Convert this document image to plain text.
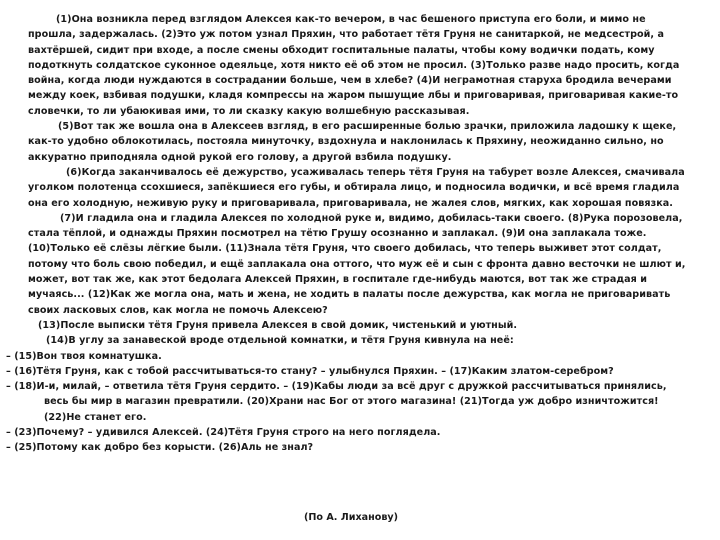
(1)Она возникла перед взглядом Алексея как-то вечером, в час бешеного приступа его боли, и мимо не прошла, задержалась. (2)Это уж потом узнал Пряхин, что работает тётя Груня не санитаркой, не медсестрой, а вахтёршей, сидит при входе, а после смены обходит госпитальные палаты, чтобы кому водички подать, кому подоткнуть солдатское суконное одеяльце, хотя никто её об этом не просил. (3)Только разве надо просить, когда война, когда люди нуждаются в сострадании больше, чем в хлебе? (4)И неграмотная старуха бродила вечерами между коек, взбивая подушки, кладя компрессы на жаром пышущие лбы и приговаривая, приговаривая какие-то словечки, то ли убаюкивая ими, то ли сказку какую волшебную рассказывая.

(5)Вот так же вошла она в Алексеев взгляд, в его расширенные болью зрачки, приложила ладошку к щеке, как-то удобно облокотилась, постояла минуточку, вздохнула и наклонилась к Пряхину, неожиданно сильно, но аккуратно приподняла одной рукой его голову, а другой взбила подушку.

(6)Когда заканчивалось её дежурство, усаживалась теперь тётя Груня на табурет возле Алексея, смачивала уголком полотенца ссохшиеся, запёкшиеся его губы, и обтирала лицо, и подносила водички, и всё время гладила она его холодную, неживую руку и приговаривала, приговаривала, не жалея слов, мягких, как хорошая повязка.

(7)И гладила она и гладила Алексея по холодной руке и, видимо, добилась-таки своего. (8)Рука порозовела, стала тёплой, и однажды Пряхин посмотрел на тётю Грушу осознанно и заплакал. (9)И она заплакала тоже. (10)Только её слёзы лёгкие были. (11)Знала тётя Груня, что своего добилась, что теперь выживет этот солдат, потому что боль свою победил, и ещё заплакала она оттого, что муж её и сын с фронта давно весточки не шлют и, может, вот так же, как этот бедолага Алексей Пряхин, в госпитале где-нибудь маются, вот так же страдая и мучаясь... (12)Как же могла она, мать и жена, не ходить в палаты после дежурства, как могла не приговаривать своих ласковых слов, как могла не помочь Алексею?

(13)После выписки тётя Груня привела Алексея в свой домик, чистенький и уютный.

(14)В углу за занавеской вроде отдельной комнатки, и тётя Груня кивнула на неё:

– (15)Вон твоя комнатушка.

– (16)Тётя Груня, как с тобой рассчитываться-то стану? – улыбнулся Пряхин. – (17)Каким златом-серебром?

– (18)И-и, милай, – ответила тётя Груня сердито. – (19)Кабы люди за всё друг с дружкой рассчитываться принялись, весь бы мир в магазин превратили. (20)Храни нас Бог от этого магазина! (21)Тогда уж добро изничтожится! (22)Не станет его.

– (23)Почему? – удивился Алексей. (24)Тётя Груня строго на него поглядела.

– (25)Потому как добро без корысти. (26)Аль не знал?

(По А. Лиханову)
